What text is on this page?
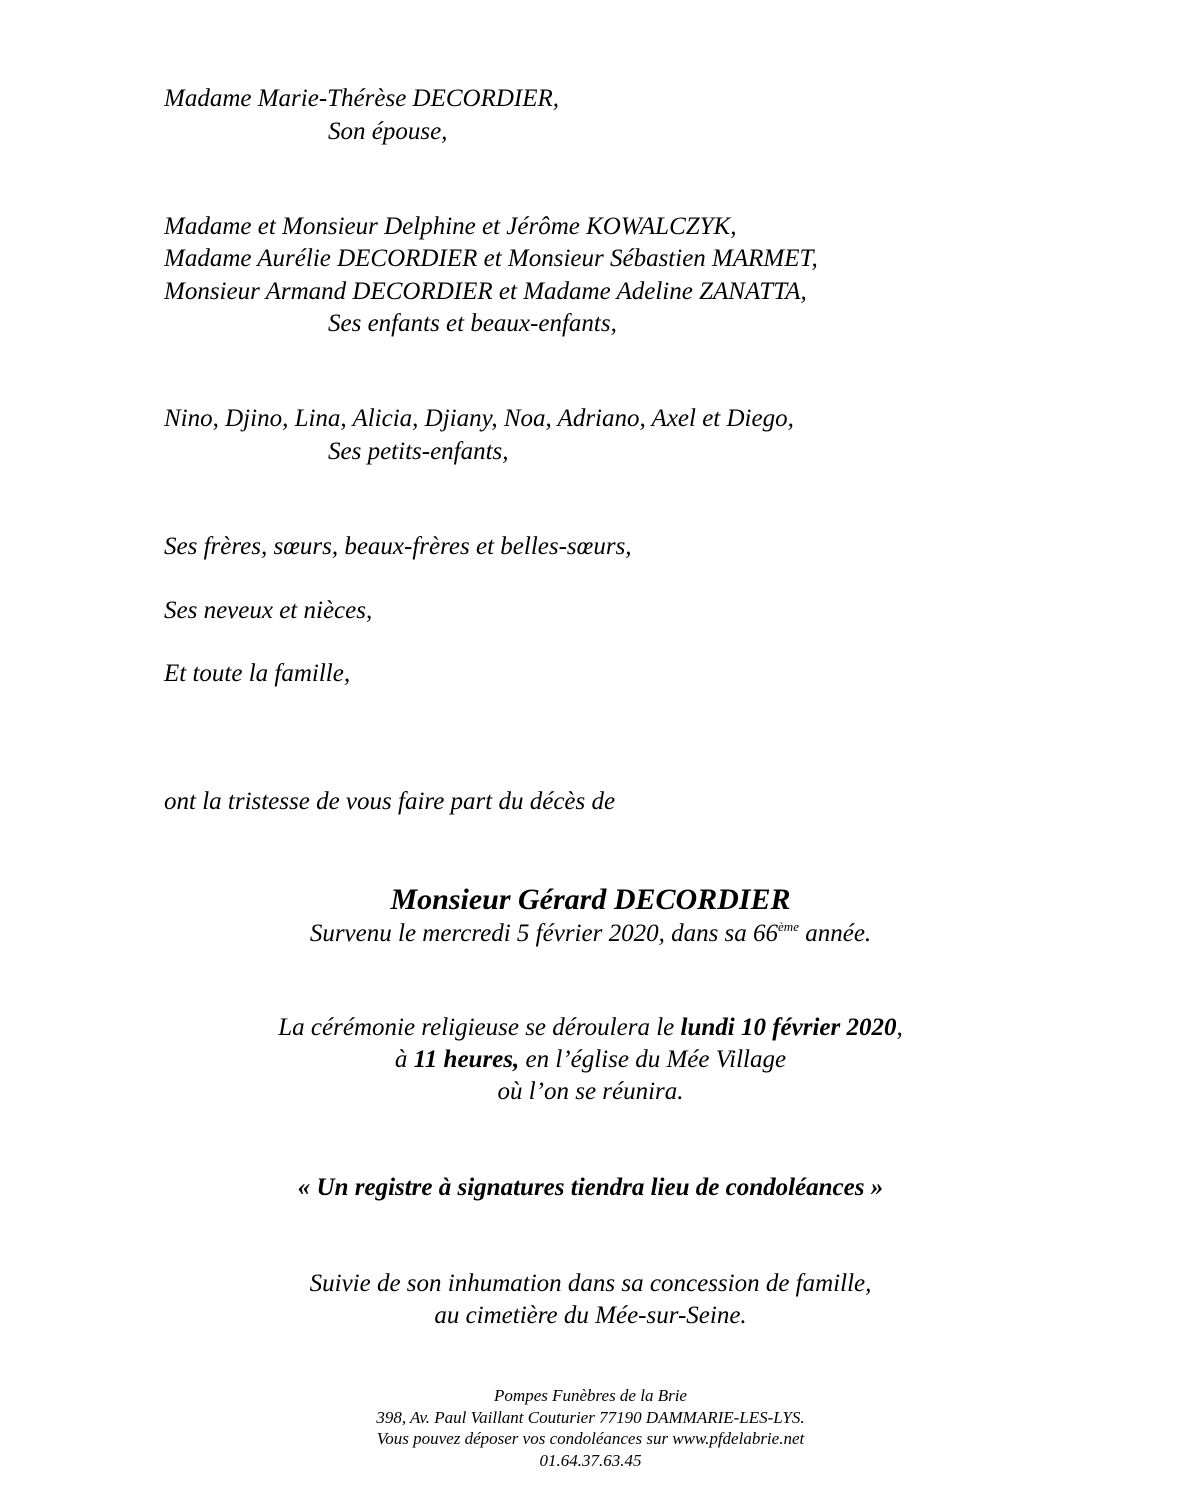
Madame Marie-Thérèse DECORDIER,
Son épouse,
Madame et Monsieur Delphine et Jérôme KOWALCZYK,
Madame Aurélie DECORDIER et Monsieur Sébastien MARMET,
Monsieur Armand DECORDIER et Madame Adeline ZANATTA,
Ses enfants et beaux-enfants,
Nino, Djino, Lina, Alicia, Djiany, Noa, Adriano, Axel et Diego,
Ses petits-enfants,
Ses frères, sœurs, beaux-frères et belles-sœurs,
Ses neveux et nièces,
Et toute la famille,
ont la tristesse de vous faire part du décès de
Monsieur Gérard DECORDIER
Survenu le mercredi 5 février 2020, dans sa 66ème année.
La cérémonie religieuse se déroulera le lundi 10 février 2020,
à 11 heures, en l’église du Mée Village
où l’on se réunira.
« Un registre à signatures tiendra lieu de condoléances »
Suivie de son inhumation dans sa concession de famille,
au cimetière du Mée-sur-Seine.
Pompes Funèbres de la Brie
398, Av. Paul Vaillant Couturier 77190 DAMMARIE-LES-LYS.
Vous pouvez déposer vos condoléances sur www.pfdelabrie.net
01.64.37.63.45
